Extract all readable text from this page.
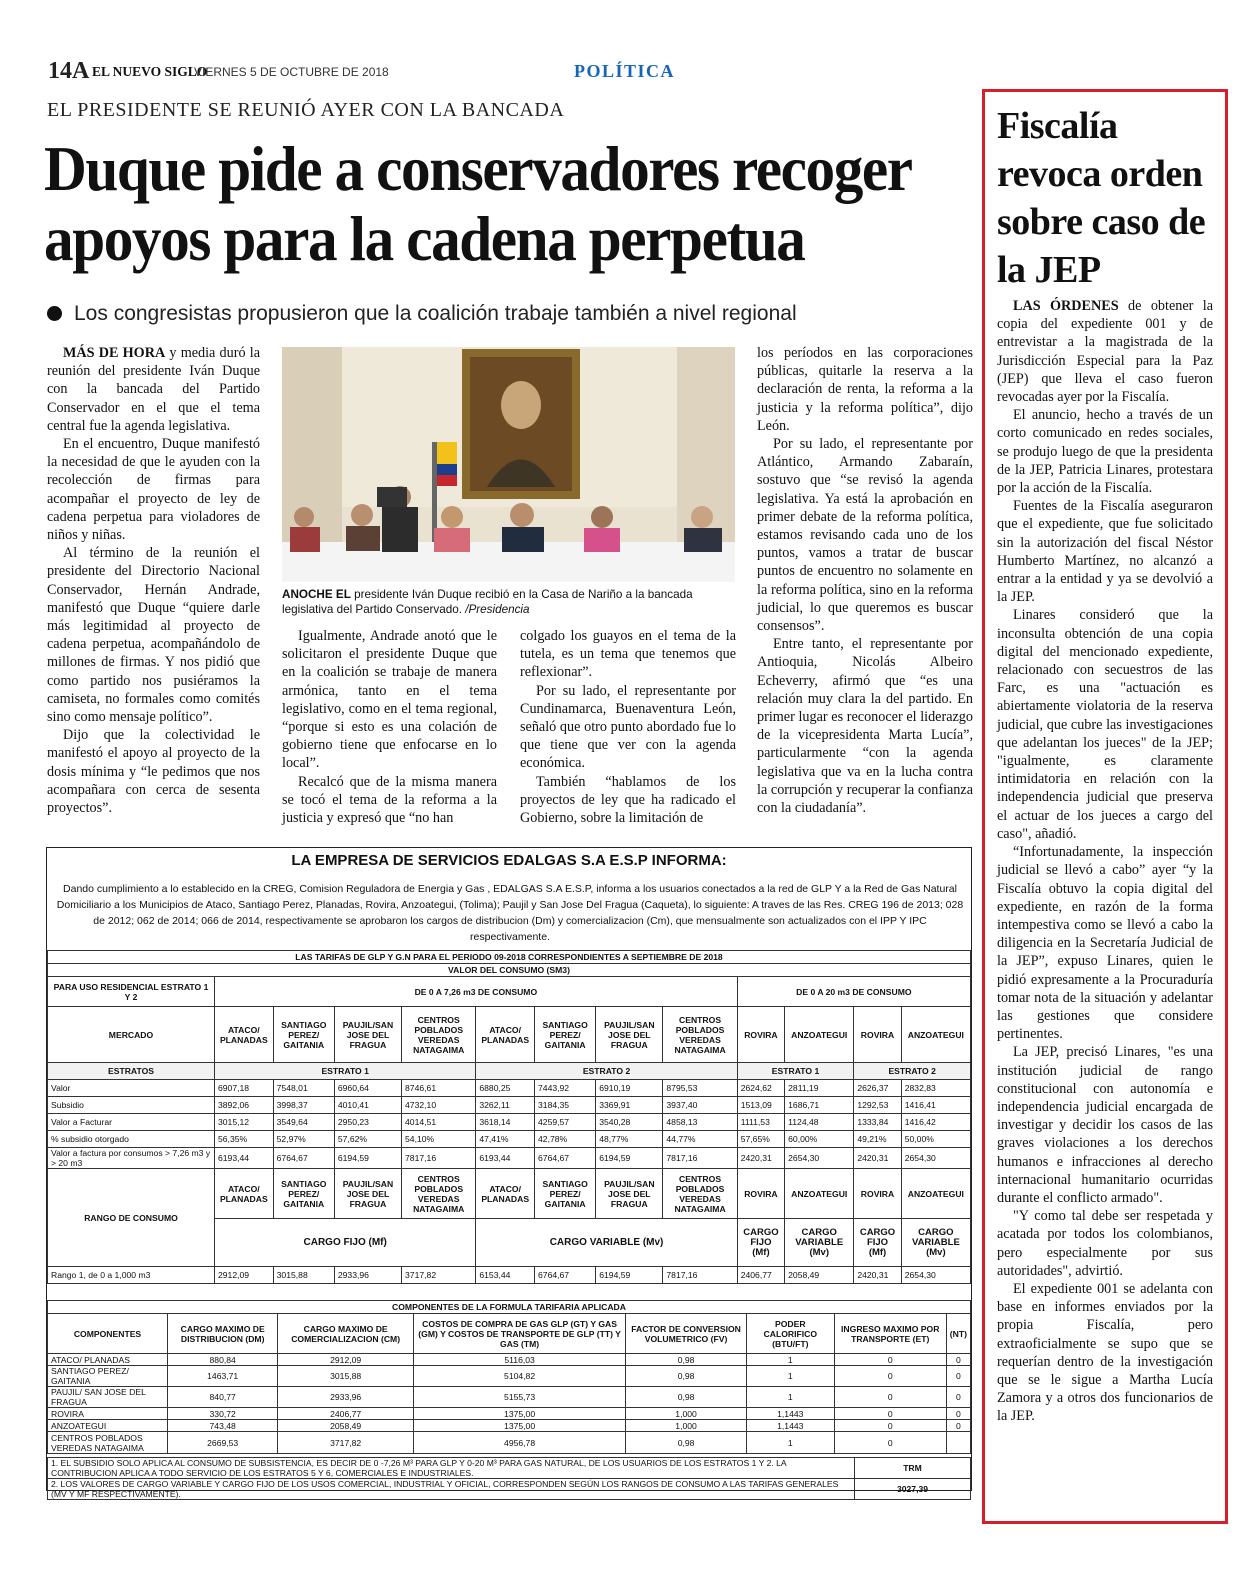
14A EL NUEVO SIGLO
VIERNES 5 DE OCTUBRE DE 2018	POLÍTICA
EL PRESIDENTE SE REUNIÓ AYER CON LA BANCADA
Duque pide a conservadores recoger apoyos para la cadena perpetua
Los congresistas propusieron que la coalición trabaje también a nivel regional

MÁS DE HORA y media duró la reunión del presidente Iván Duque con la bancada del Partido Conservador en el que el tema central fue la agenda legislativa.

En el encuentro, Duque manifestó la necesidad de que le ayuden con la recolección de firmas para acompañar el proyecto de ley de cadena perpetua para violadores de niños y niñas.

Al término de la reunión el presidente del Directorio Nacional Conservador, Hernán Andrade, manifestó que Duque “quiere darle más legitimidad al proyecto de cadena perpetua, acompañándolo de millones de firmas. Y nos pidió que como partido nos pusiéramos la camiseta, no formales como comités sino como mensaje político”.

Dijo que la colectividad le manifestó el apoyo al proyecto de la dosis mínima y “le pedimos que nos acompañara con cerca de sesenta proyectos”.

ANOCHE EL presidente Iván Duque recibió en la Casa de Nariño a la bancada legislativa del Partido Conservado. /Presidencia

Igualmente, Andrade anotó que le solicitaron el presidente Duque que en la coalición se trabaje de manera armónica, tanto en el tema legislativo, como en el tema regional, “porque si esto es una colación de gobierno tiene que enfocarse en lo local”.

Recalcó que de la misma manera se tocó el tema de la reforma a la justicia y expresó que “no han

colgado los guayos en el tema de la tutela, es un tema que tenemos que reflexionar”.

Por su lado, el representante por Cundinamarca, Buenaventura León, señaló que otro punto abordado fue lo que tiene que ver con la agenda económica.

También “hablamos de los proyectos de ley que ha radicado el Gobierno, sobre la limitación de

los períodos en las corporaciones públicas, quitarle la reserva a la declaración de renta, la reforma a la justicia y la reforma política”, dijo León.

Por su lado, el representante por Atlántico, Armando Zabaraín, sostuvo que “se revisó la agenda legislativa. Ya está la aprobación en primer debate de la reforma política, estamos revisando cada uno de los puntos, vamos a tratar de buscar puntos de encuentro no solamente en la reforma política, sino en la reforma judicial, lo que queremos es buscar consensos”.

Entre tanto, el representante por Antioquia, Nicolás Albeiro Echeverry, afirmó que “es una relación muy clara la del partido. En primer lugar es reconocer el liderazgo de la vicepresidenta Marta Lucía”, particularmente “con la agenda legislativa que va en la lucha contra la corrupción y recuperar la confianza con la ciudadanía”.

Fiscalía revoca orden sobre caso de la JEP

LAS ÓRDENES de obtener la copia del expediente 001 y de entrevistar a la magistrada de la Jurisdicción Especial para la Paz (JEP) que lleva el caso fueron revocadas ayer por la Fiscalía.

El anuncio, hecho a través de un corto comunicado en redes sociales, se produjo luego de que la presidenta de la JEP, Patricia Linares, protestara por la acción de la Fiscalía.

Fuentes de la Fiscalía aseguraron que el expediente, que fue solicitado sin la autorización del fiscal Néstor Humberto Martínez, no alcanzó a entrar a la entidad y ya se devolvió a la JEP.

Linares consideró que la inconsulta obtención de una copia digital del mencionado expediente, relacionado con secuestros de las Farc, es una "actuación es abiertamente violatoria de la reserva judicial, que cubre las investigaciones que adelantan los jueces" de la JEP; "igualmente, es claramente intimidatoria en relación con la independencia judicial que preserva el actuar de los jueces a cargo del caso", añadió.

“Infortunadamente, la inspección judicial se llevó a cabo” ayer “y la Fiscalía obtuvo la copia digital del expediente, en razón de la forma intempestiva como se llevó a cabo la diligencia en la Secretaría Judicial de la JEP”, expuso Linares, quien le pidió expresamente a la Procuraduría tomar nota de la situación y adelantar las gestiones que considere pertinentes.

La JEP, precisó Linares, "es una institución judicial de rango constitucional con autonomía e independencia judicial encargada de investigar y decidir los casos de las graves violaciones a los derechos humanos e infracciones al derecho internacional humanitario ocurridas durante el conflicto armado".

"Y como tal debe ser respetada y acatada por todos los colombianos, pero especialmente por sus autoridades", advirtió.

El expediente 001 se adelanta con base en informes enviados por la propia Fiscalía, pero extraoficialmente se supo que se requerían dentro de la investigación que se le sigue a Martha Lucía Zamora y a otros dos funcionarios de la JEP.

LA EMPRESA DE SERVICIOS EDALGAS S.A E.S.P INFORMA:
Dando cumplimiento a lo establecido en la CREG, Comision Reguladora de Energia y Gas , EDALGAS S.A E.S.P, informa a los usuarios conectados a la red de GLP Y a la Red de Gas Natural Domiciliario a los Municipios de Ataco, Santiago Perez, Planadas, Rovira, Anzoategui, (Tolima); Paujil y San Jose Del Fragua (Caqueta), lo siguiente: A traves de las Res. CREG 196 de 2013; 028 de 2012; 062 de 2014; 066 de 2014, respectivamente se aprobaron los cargos de distribucion (Dm) y comercializacion (Cm), que mensualmente son actualizados con el IPP Y IPC respectivamente.
LAS TARIFAS DE GLP Y G.N PARA EL PERIODO 09-2018 CORRESPONDIENTES A SEPTIEMBRE DE 2018												
VALOR DEL CONSUMO (SM3)												
PARA USO RESIDENCIAL ESTRATO 1 Y 2	DE 0 A 7,26 m3 DE CONSUMO								DE 0 A 20 m3 DE CONSUMO			
MERCADO	ATACO/ PLANADAS	SANTIAGO PEREZ/ GAITANIA	PAUJIL/SAN JOSE DEL FRAGUA	CENTROS POBLADOS VEREDAS NATAGAIMA	ATACO/ PLANADAS	SANTIAGO PEREZ/ GAITANIA	PAUJIL/SAN JOSE DEL FRAGUA	CENTROS POBLADOS VEREDAS NATAGAIMA	ROVIRA	ANZOATEGUI	ROVIRA	ANZOATEGUI
ESTRATOS	ESTRATO 1				ESTRATO 2				ESTRATO 1		ESTRATO 2	
Valor	6907,18	7548,01	6960,64	8746,61	6880,25	7443,92	6910,19	8795,53	2624,62	2811,19	2626,37	2832,83
Subsidio	3892,06	3998,37	4010,41	4732,10	3262,11	3184,35	3369,91	3937,40	1513,09	1686,71	1292,53	1416,41
Valor a Facturar	3015,12	3549,64	2950,23	4014,51	3618,14	4259,57	3540,28	4858,13	1111,53	1124,48	1333,84	1416,42
% subsidio otorgado	56,35%	52,97%	57,62%	54,10%	47,41%	42,78%	48,77%	44,77%	57,65%	60,00%	49,21%	50,00%
Valor a factura por consumos > 7,26 m3 y > 20 m3	6193,44	6764,67	6194,59	7817,16	6193,44	6764,67	6194,59	7817,16	2420,31	2654,30	2420,31	2654,30
RANGO DE CONSUMO	ATACO/ PLANADAS	SANTIAGO PEREZ/ GAITANIA	PAUJIL/SAN JOSE DEL FRAGUA	CENTROS POBLADOS VEREDAS NATAGAIMA	ATACO/ PLANADAS	SANTIAGO PEREZ/ GAITANIA	PAUJIL/SAN JOSE DEL FRAGUA	CENTROS POBLADOS VEREDAS NATAGAIMA	ROVIRA	ANZOATEGUI	ROVIRA	ANZOATEGUI
	CARGO FIJO (Mf)				CARGO VARIABLE (Mv)				CARGO FIJO (Mf)	CARGO VARIABLE (Mv)	CARGO FIJO (Mf)	CARGO VARIABLE (Mv)
Rango 1, de 0 a 1,000 m3	2912,09	3015,88	2933,96	3717,82	6153,44	6764,67	6194,59	7817,16	2406,77	2058,49	2420,31	2654,30
COMPONENTES DE LA FORMULA TARIFARIA APLICADA							
COMPONENTES	CARGO MAXIMO DE DISTRIBUCION (DM)	CARGO MAXIMO DE COMERCIALIZACION (CM)	COSTOS DE COMPRA DE GAS GLP (GT) Y GAS (GM) Y COSTOS DE TRANSPORTE DE GLP (TT) Y GAS (TM)	FACTOR DE CONVERSION VOLUMETRICO (FV)	PODER CALORIFICO (BTU/FT)	INGRESO MAXIMO POR TRANSPORTE (ET)	(NT)
ATACO/ PLANADAS	880,84	2912,09	5116,03	0,98	1	0	0
SANTIAGO PEREZ/ GAITANIA	1463,71	3015,88	5104,82	0,98	1	0	0
PAUJIL/ SAN JOSE DEL FRAGUA	840,77	2933,96	5155,73	0,98	1	0	0
ROVIRA	330,72	2406,77	1375,00	1,000	1,1443	0	0
ANZOATEGUI	743,48	2058,49	1375,00	1,000	1,1443	0	0
CENTROS POBLADOS VEREDAS NATAGAIMA	2669,53	3717,82	4956,78	0,98	1	0	
1. EL SUBSIDIO SOLO APLICA AL CONSUMO DE SUBSISTENCIA, ES DECIR DE 0 -7,26 M³ PARA GLP Y 0-20 M³ PARA GAS NATURAL, DE LOS USUARIOS DE LOS ESTRATOS 1 Y 2. LA CONTRIBUCION APLICA A TODO SERVICIO DE LOS ESTRATOS 5 Y 6, COMERCIALES E INDUSTRIALES.	TRM
2. LOS VALORES DE CARGO VARIABLE Y CARGO FIJO DE LOS USOS COMERCIAL, INDUSTRIAL Y OFICIAL, CORRESPONDEN SEGÚN LOS RANGOS DE CONSUMO A LAS TARIFAS GENERALES (MV Y MF RESPECTIVAMENTE).	3027,39
